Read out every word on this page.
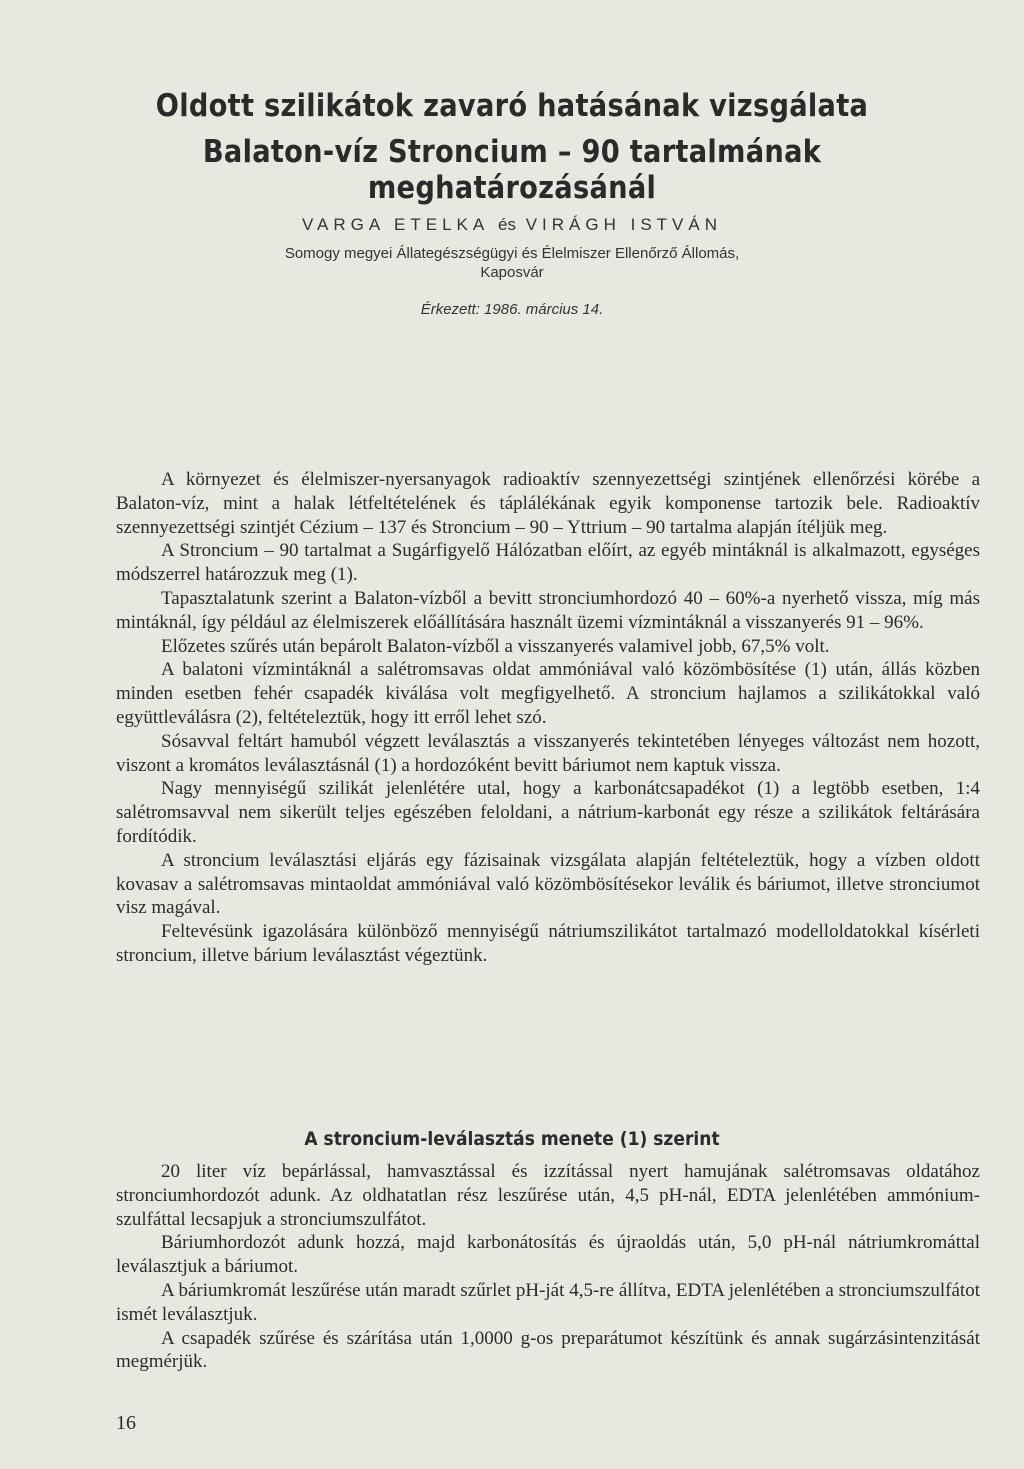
Oldott szilikátok zavaró hatásának vizsgálata
Balaton-víz Stroncium – 90 tartalmának meghatározásánál
VARGA ETELKA és VIRÁGH ISTVÁN
Somogy megyei Állategészségügyi és Élelmiszer Ellenőrző Állomás,
Kaposvár
Érkezett: 1986. március 14.

A környezet és élelmiszer-nyersanyagok radioaktív szennyezettségi szintjének ellenőrzési körébe a Balaton-víz, mint a halak létfeltételének és táplálékának egyik komponense tartozik bele. Radioaktív szennyezettségi szintjét Cézium – 137 és Stroncium – 90 – Yttrium – 90 tartalma alapján ítéljük meg.

A Stroncium – 90 tartalmat a Sugárfigyelő Hálózatban előírt, az egyéb mintáknál is alkalmazott, egységes módszerrel határozzuk meg (1).

Tapasztalatunk szerint a Balaton-vízből a bevitt stronciumhordozó 40 – 60%-a nyerhető vissza, míg más mintáknál, így például az élelmiszerek előállítására használt üzemi vízmintáknál a visszanyerés 91 – 96%.

Előzetes szűrés után bepárolt Balaton-vízből a visszanyerés valamivel jobb, 67,5% volt.

A balatoni vízmintáknál a salétromsavas oldat ammóniával való közömbösítése (1) után, állás közben minden esetben fehér csapadék kiválása volt megfigyelhető. A stroncium hajlamos a szilikátokkal való együttleválásra (2), feltételeztük, hogy itt erről lehet szó.

Sósavval feltárt hamuból végzett leválasztás a visszanyerés tekintetében lényeges változást nem hozott, viszont a kromátos leválasztásnál (1) a hordozóként bevitt báriumot nem kaptuk vissza.

Nagy mennyiségű szilikát jelenlétére utal, hogy a karbonátcsapadékot (1) a legtöbb esetben, 1:4 salétromsavval nem sikerült teljes egészében feloldani, a nátrium-karbonát egy része a szilikátok feltárására fordítódik.

A stroncium leválasztási eljárás egy fázisainak vizsgálata alapján feltételeztük, hogy a vízben oldott kovasav a salétromsavas mintaoldat ammóniával való közömbösítésekor leválik és báriumot, illetve stronciumot visz magával.

Feltevésünk igazolására különböző mennyiségű nátriumszilikátot tartalmazó modelloldatokkal kísérleti stroncium, illetve bárium leválasztást végeztünk.

A stroncium-leválasztás menete (1) szerint

20 liter víz bepárlással, hamvasztással és izzítással nyert hamujának salétromsavas oldatához stronciumhordozót adunk. Az oldhatatlan rész leszűrése után, 4,5 pH-nál, EDTA jelenlétében ammónium-szulfáttal lecsapjuk a stronciumszulfátot.

Báriumhordozót adunk hozzá, majd karbonátosítás és újraoldás után, 5,0 pH-nál nátriumkromáttal leválasztjuk a báriumot.

A báriumkromát leszűrése után maradt szűrlet pH-ját 4,5-re állítva, EDTA jelenlétében a stronciumszulfátot ismét leválasztjuk.

A csapadék szűrése és szárítása után 1,0000 g-os preparátumot készítünk és annak sugárzásintenzitását megmérjük.

16
